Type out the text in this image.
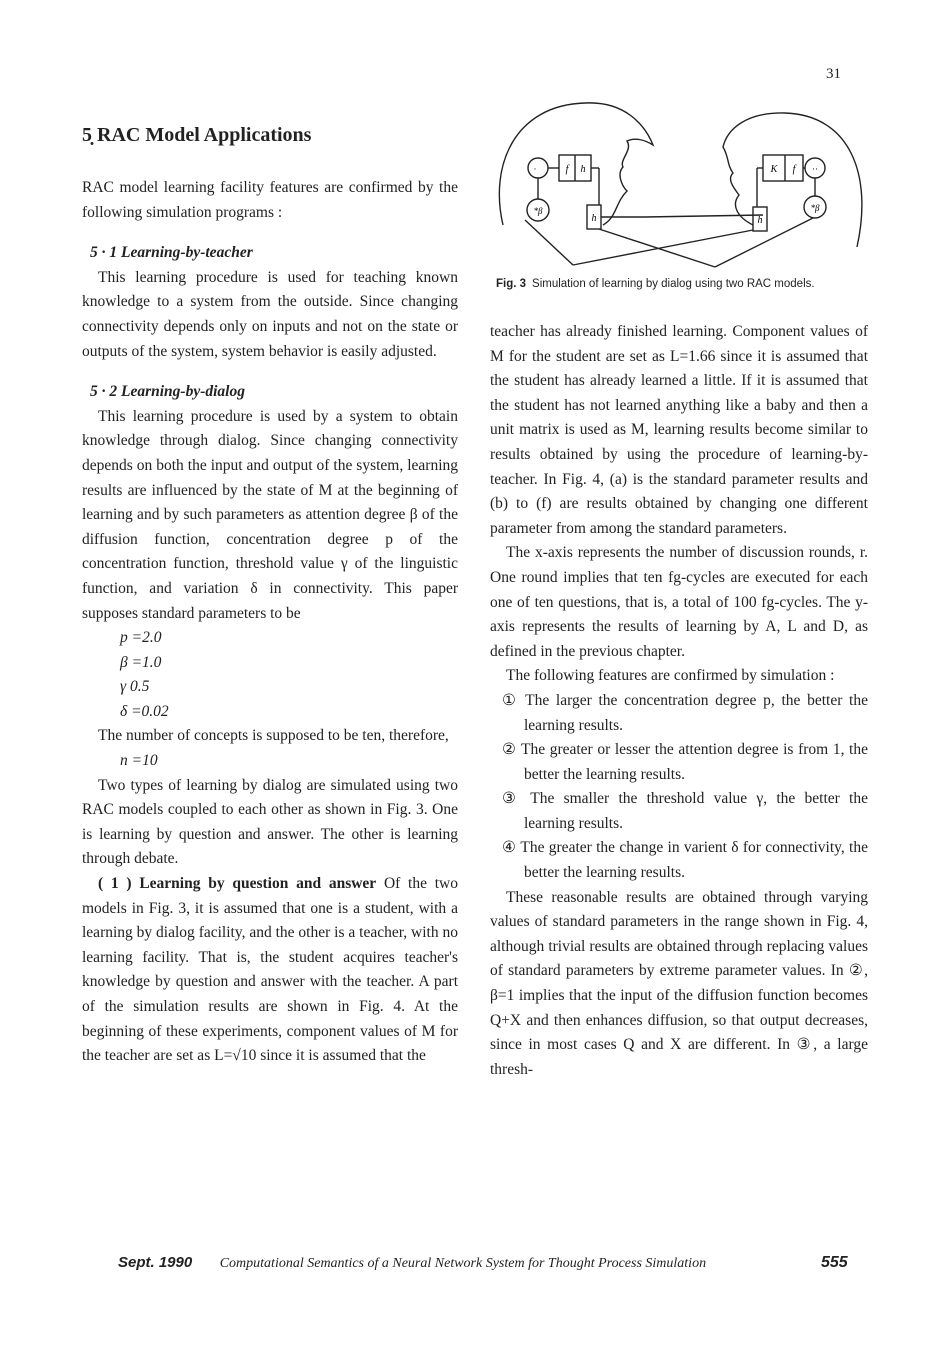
31

5̣ RAC Model Applications

RAC model learning facility features are confirmed by the following simulation programs :

5 · 1 Learning-by-teacher

This learning procedure is used for teaching known knowledge to a system from the outside. Since changing connectivity depends only on inputs and not on the state or outputs of the system, system behavior is easily adjusted.

5 · 2 Learning-by-dialog

This learning procedure is used by a system to obtain knowledge through dialog. Since changing connectivity depends on both the input and output of the system, learning results are influenced by the state of M at the beginning of learning and by such parameters as attention degree β of the diffusion function, concentration degree p of the concentration function, threshold value γ of the linguistic function, and variation δ in connectivity. This paper supposes standard parameters to be

p =2.0

β =1.0

γ 0.5

δ =0.02

The number of concepts is supposed to be ten, therefore,

n =10

Two types of learning by dialog are simulated using two RAC models coupled to each other as shown in Fig. 3. One is learning by question and answer. The other is learning through debate.

( 1 ) Learning by question and answer Of the two models in Fig. 3, it is assumed that one is a student, with a learning by dialog facility, and the other is a teacher, with no learning facility. That is, the student acquires teacher's knowledge by question and answer with the teacher. A part of the simulation results are shown in Fig. 4. At the beginning of these experiments, component values of M for the teacher are set as L=√10 since it is assumed that the

·	f h
*β
h
K f ··
*β
h
Fig. 3 Simulation of learning by dialog using two RAC models.

teacher has already finished learning. Component values of M for the student are set as L=1.66 since it is assumed that the student has already learned a little. If it is assumed that the student has not learned anything like a baby and then a unit matrix is used as M, learning results become similar to results obtained by using the procedure of learning-by-teacher. In Fig. 4, (a) is the standard parameter results and (b) to (f) are results obtained by changing one different parameter from among the standard parameters.

The x-axis represents the number of discussion rounds, r. One round implies that ten fg-cycles are executed for each one of ten questions, that is, a total of 100 fg-cycles. The y-axis represents the results of learning by A, L and D, as defined in the previous chapter.

The following features are confirmed by simulation :

① The larger the concentration degree p, the better the learning results.

② The greater or lesser the attention degree is from 1, the better the learning results.

③ The smaller the threshold value γ, the better the learning results.

④ The greater the change in varient δ for connectivity, the better the learning results.

These reasonable results are obtained through varying values of standard parameters in the range shown in Fig. 4, although trivial results are obtained through replacing values of standard parameters by extreme parameter values. In ②, β=1 implies that the input of the diffusion function becomes Q+X and then enhances diffusion, so that output decreases, since in most cases Q and X are different. In ③, a large thresh-

Sept. 1990 Computational Semantics of a Neural Network System for Thought Process Simulation	555
